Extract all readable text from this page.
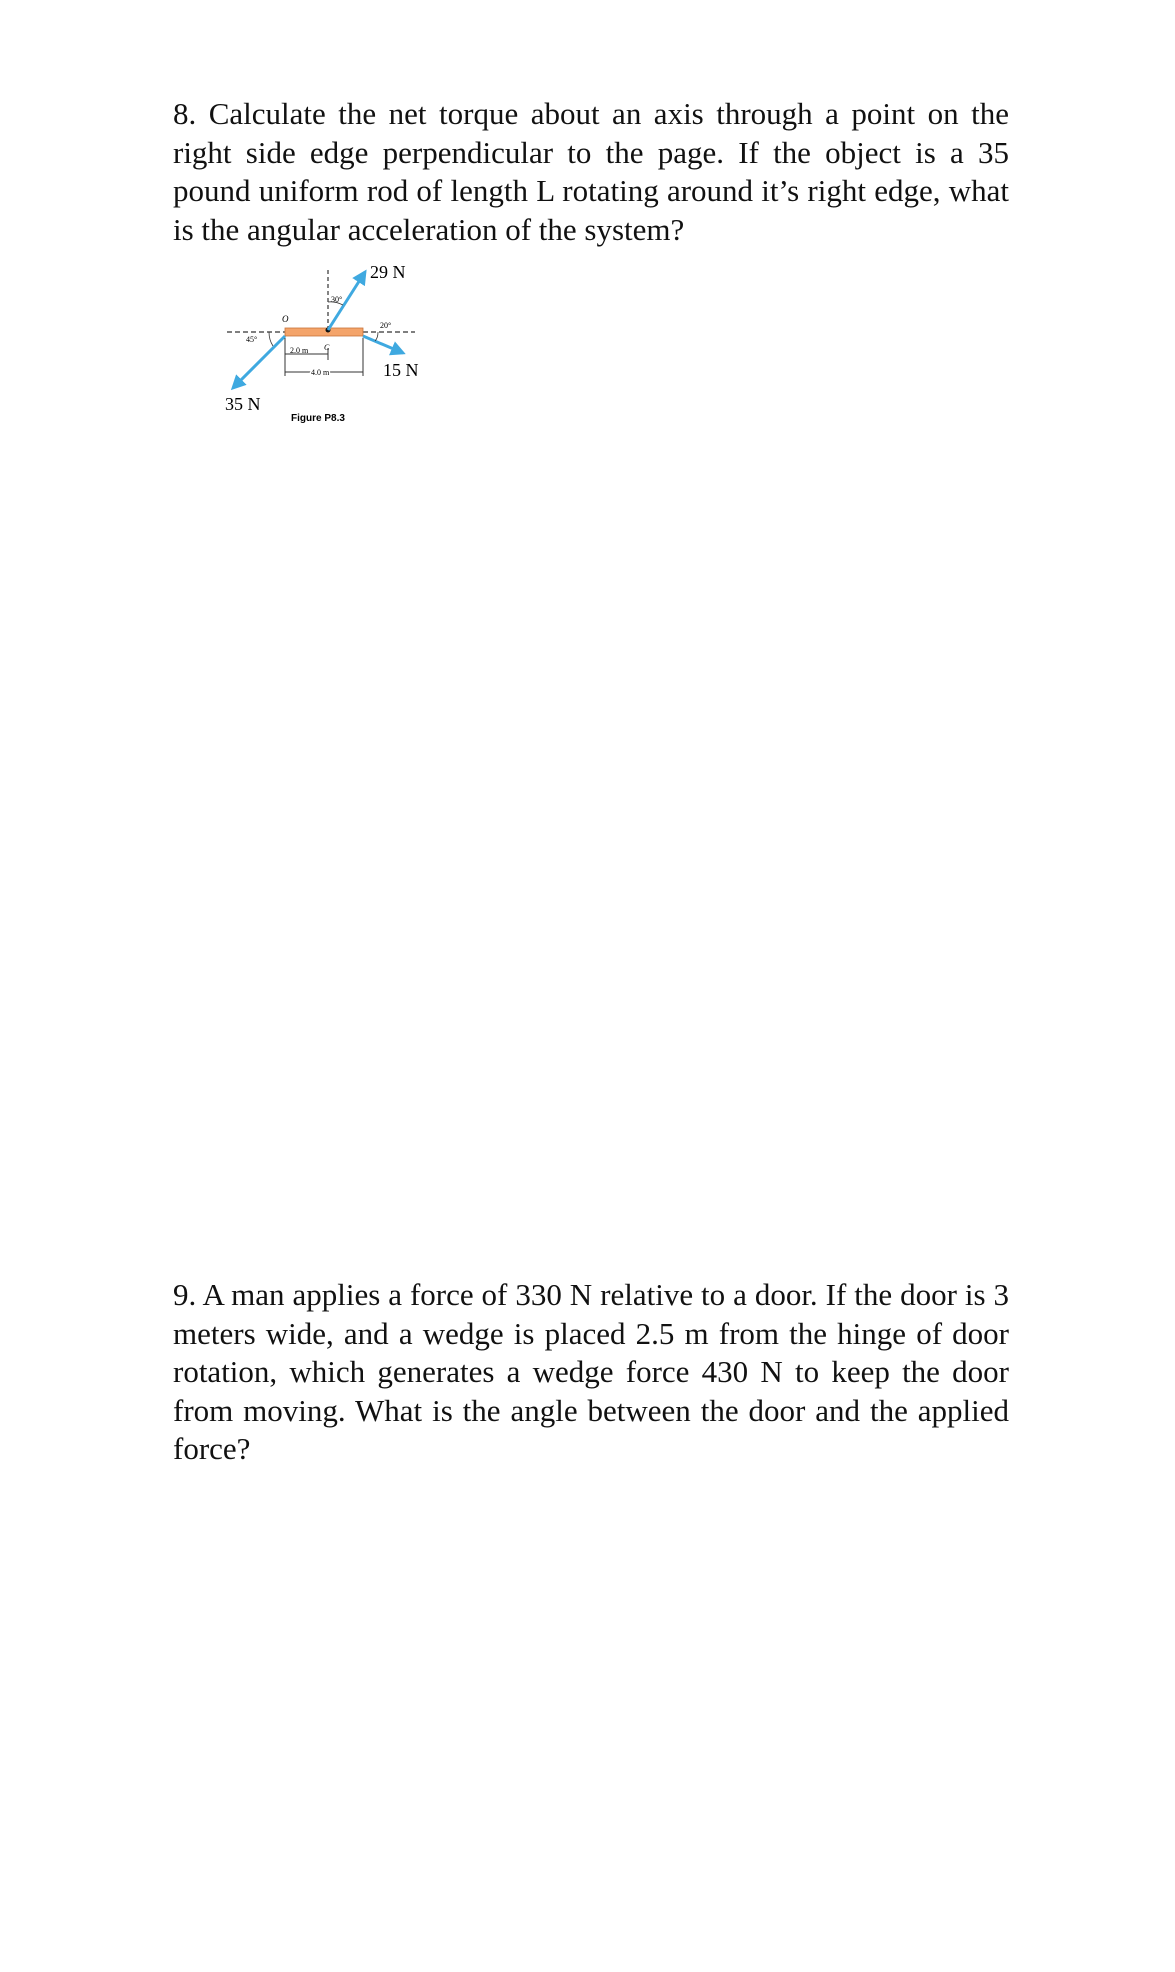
8. Calculate the net torque about an axis through a point on the right side edge perpendicular to the page. If the object is a 35 pound uniform rod of length L rotating around it’s right edge, what is the angular acceleration of the system?

29 N
15 N
35 N
30°
20°
45°
O
C
2.0 m
4.0 m
Figure P8.3

9. A man applies a force of 330 N relative to a door. If the door is 3 meters wide, and a wedge is placed 2.5 m from the hinge of door rotation, which generates a wedge force 430 N to keep the door from moving. What is the angle between the door and the applied force?
